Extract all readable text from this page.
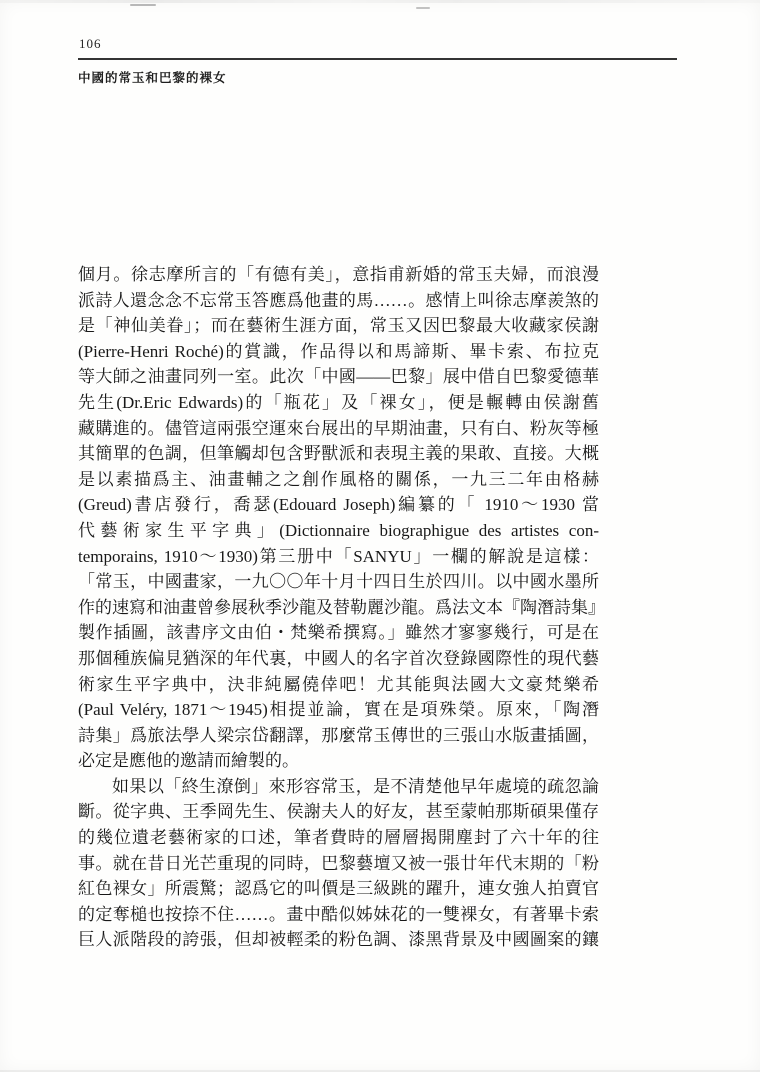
106
中國的常玉和巴黎的裸女
個月。徐志摩所言的「有德有美」，意指甫新婚的常玉夫婦，而浪漫
派詩人還念念不忘常玉答應爲他畫的馬……。感情上叫徐志摩羨煞的
是「神仙美眷」；而在藝術生涯方面，常玉又因巴黎最大收藏家侯謝
(Pierre-Henri Roché)的賞識，作品得以和馬諦斯、畢卡索、布拉克
等大師之油畫同列一室。此次「中國——巴黎」展中借自巴黎愛德華
先生(Dr.Eric Edwards)的「瓶花」及「裸女」，便是輾轉由侯謝舊
藏購進的。儘管這兩張空運來台展出的早期油畫，只有白、粉灰等極
其簡單的色調，但筆觸却包含野獸派和表現主義的果敢、直接。大概
是以素描爲主、油畫輔之之創作風格的關係，一九三二年由格赫
(Greud)書店發行，喬瑟(Edouard Joseph)編纂的「 1910～1930 當
代藝術家生平字典」(Dictionnaire biographigue des artistes con-
temporains, 1910～1930)第三册中「SANYU」一欄的解說是這樣：
「常玉，中國畫家，一九〇〇年十月十四日生於四川。以中國水墨所
作的速寫和油畫曾參展秋季沙龍及替勒麗沙龍。爲法文本『陶潛詩集』
製作插圖，該書序文由伯・梵樂希撰寫。」雖然才寥寥幾行，可是在
那個種族偏見猶深的年代裏，中國人的名字首次登錄國際性的現代藝
術家生平字典中，決非純屬僥倖吧！尤其能與法國大文豪梵樂希
(Paul Veléry, 1871～1945)相提並論，實在是項殊榮。原來，「陶潛
詩集」爲旅法學人梁宗岱翻譯，那麼常玉傳世的三張山水版畫插圖，
必定是應他的邀請而繪製的。
如果以「終生潦倒」來形容常玉，是不清楚他早年處境的疏忽論
斷。從字典、王季岡先生、侯謝夫人的好友，甚至蒙帕那斯碩果僅存
的幾位遺老藝術家的口述，筆者費時的層層揭開塵封了六十年的往
事。就在昔日光芒重現的同時，巴黎藝壇又被一張廿年代末期的「粉
紅色裸女」所震驚；認爲它的叫價是三級跳的躍升，連女強人拍賣官
的定奪槌也按捺不住……。畫中酷似姊妹花的一雙裸女，有著畢卡索
巨人派階段的誇張，但却被輕柔的粉色調、漆黑背景及中國圖案的鑲
